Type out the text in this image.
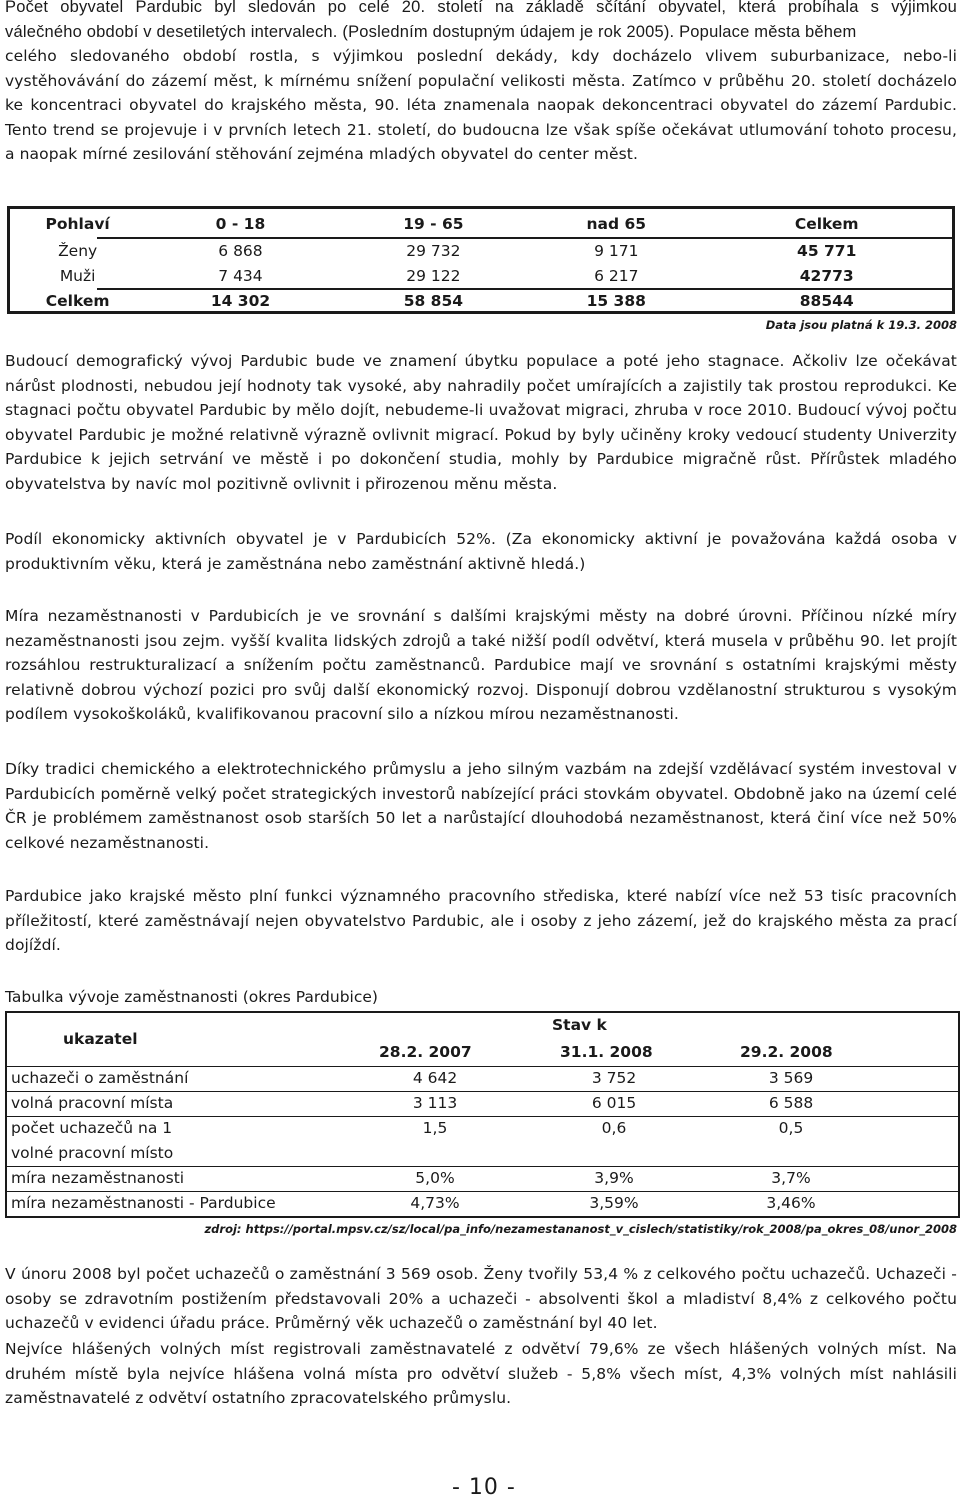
Počet obyvatel Pardubic byl sledován po celé 20. století na základě sčítání obyvatel, která probíhala s výjimkou
válečného období v desetiletých intervalech. (Posledním dostupným údajem je rok 2005). Populace města během

celého sledovaného období rostla, s výjimkou poslední dekády, kdy docházelo vlivem suburbanizace, nebo-li vystěhovávání do zázemí měst, k mírnému snížení populační velikosti města. Zatímco v průběhu 20. století docházelo ke koncentraci obyvatel do krajského města, 90. léta znamenala naopak dekoncentraci obyvatel do zázemí Pardubic. Tento trend se projevuje i v prvních letech 21. století, do budoucna lze však spíše očekávat utlumování tohoto procesu, a naopak mírné zesilování stěhování zejména mladých obyvatel do center měst.

Pohlaví	0 - 18	19 - 65	nad 65	Celkem
Ženy	6 868	29 732	9 171	45 771
Muži	7 434	29 122	6 217	42773
Celkem	14 302	58 854	15 388	88544
Data jsou platná k 19.3. 2008

Budoucí demografický vývoj Pardubic bude ve znamení úbytku populace a poté jeho stagnace. Ačkoliv lze očekávat nárůst plodnosti, nebudou její hodnoty tak vysoké, aby nahradily počet umírajících a zajistily tak prostou reprodukci. Ke stagnaci počtu obyvatel Pardubic by mělo dojít, nebudeme-li uvažovat migraci, zhruba v roce 2010. Budoucí vývoj počtu obyvatel Pardubic je možné relativně výrazně ovlivnit migrací. Pokud by byly učiněny kroky vedoucí studenty Univerzity Pardubice k jejich setrvání ve městě i po dokončení studia, mohly by Pardubice migračně růst. Přírůstek mladého obyvatelstva by navíc mol pozitivně ovlivnit i přirozenou měnu města.

Podíl ekonomicky aktivních obyvatel je v Pardubicích 52%. (Za ekonomicky aktivní je považována každá osoba v produktivním věku, která je zaměstnána nebo zaměstnání aktivně hledá.)

Míra nezaměstnanosti v Pardubicích je ve srovnání s dalšími krajskými městy na dobré úrovni. Příčinou nízké míry nezaměstnanosti jsou zejm. vyšší kvalita lidských zdrojů a také nižší podíl odvětví, která musela v průběhu 90. let projít rozsáhlou restrukturalizací a snížením počtu zaměstnanců. Pardubice mají ve srovnání s ostatními krajskými městy relativně dobrou výchozí pozici pro svůj další ekonomický rozvoj. Disponují dobrou vzdělanostní strukturou s vysokým podílem vysokoškoláků, kvalifikovanou pracovní silo a nízkou mírou nezaměstnanosti.

Díky tradici chemického a elektrotechnického průmyslu a jeho silným vazbám na zdejší vzdělávací systém investoval v Pardubicích poměrně velký počet strategických investorů nabízející práci stovkám obyvatel. Obdobně jako na území celé ČR je problémem zaměstnanost osob starších 50 let a narůstající dlouhodobá nezaměstnanost, která činí více než 50% celkové nezaměstnanosti.

Pardubice jako krajské město plní funkci významného pracovního střediska, které nabízí více než 53 tisíc pracovních příležitostí, které zaměstnávají nejen obyvatelstvo Pardubic, ale i osoby z jeho zázemí, jež do krajského města za prací dojíždí.

Tabulka vývoje zaměstnanosti (okres Pardubice)
ukazatel
Stav k
28.2. 2007	31.1. 2008	29.2. 2008
uchazeči o zaměstnání	4 642	3 752	3 569
volná pracovní místa	3 113	6 015	6 588
počet uchazečů na 1
volné pracovní místo
1,5	0,6	0,5
míra nezaměstnanosti	5,0%	3,9%	3,7%
míra nezaměstnanosti - Pardubice	4,73%	3,59%	3,46%
zdroj: https://portal.mpsv.cz/sz/local/pa_info/nezamestananost_v_cislech/statistiky/rok_2008/pa_okres_08/unor_2008

V únoru 2008 byl počet uchazečů o zaměstnání 3 569 osob. Ženy tvořily 53,4 % z celkového počtu uchazečů. Uchazeči - osoby se zdravotním postižením představovali 20% a uchazeči - absolventi škol a mladiství 8,4% z celkového počtu uchazečů v evidenci úřadu práce. Průměrný věk uchazečů o zaměstnání byl 40 let.

Nejvíce hlášených volných míst registrovali zaměstnavatelé z odvětví 79,6% ze všech hlášených volných míst. Na druhém místě byla nejvíce hlášena volná místa pro odvětví služeb - 5,8% všech míst, 4,3% volných míst nahlásili zaměstnavatelé z odvětví ostatního zpracovatelského průmyslu.

- 10 -
